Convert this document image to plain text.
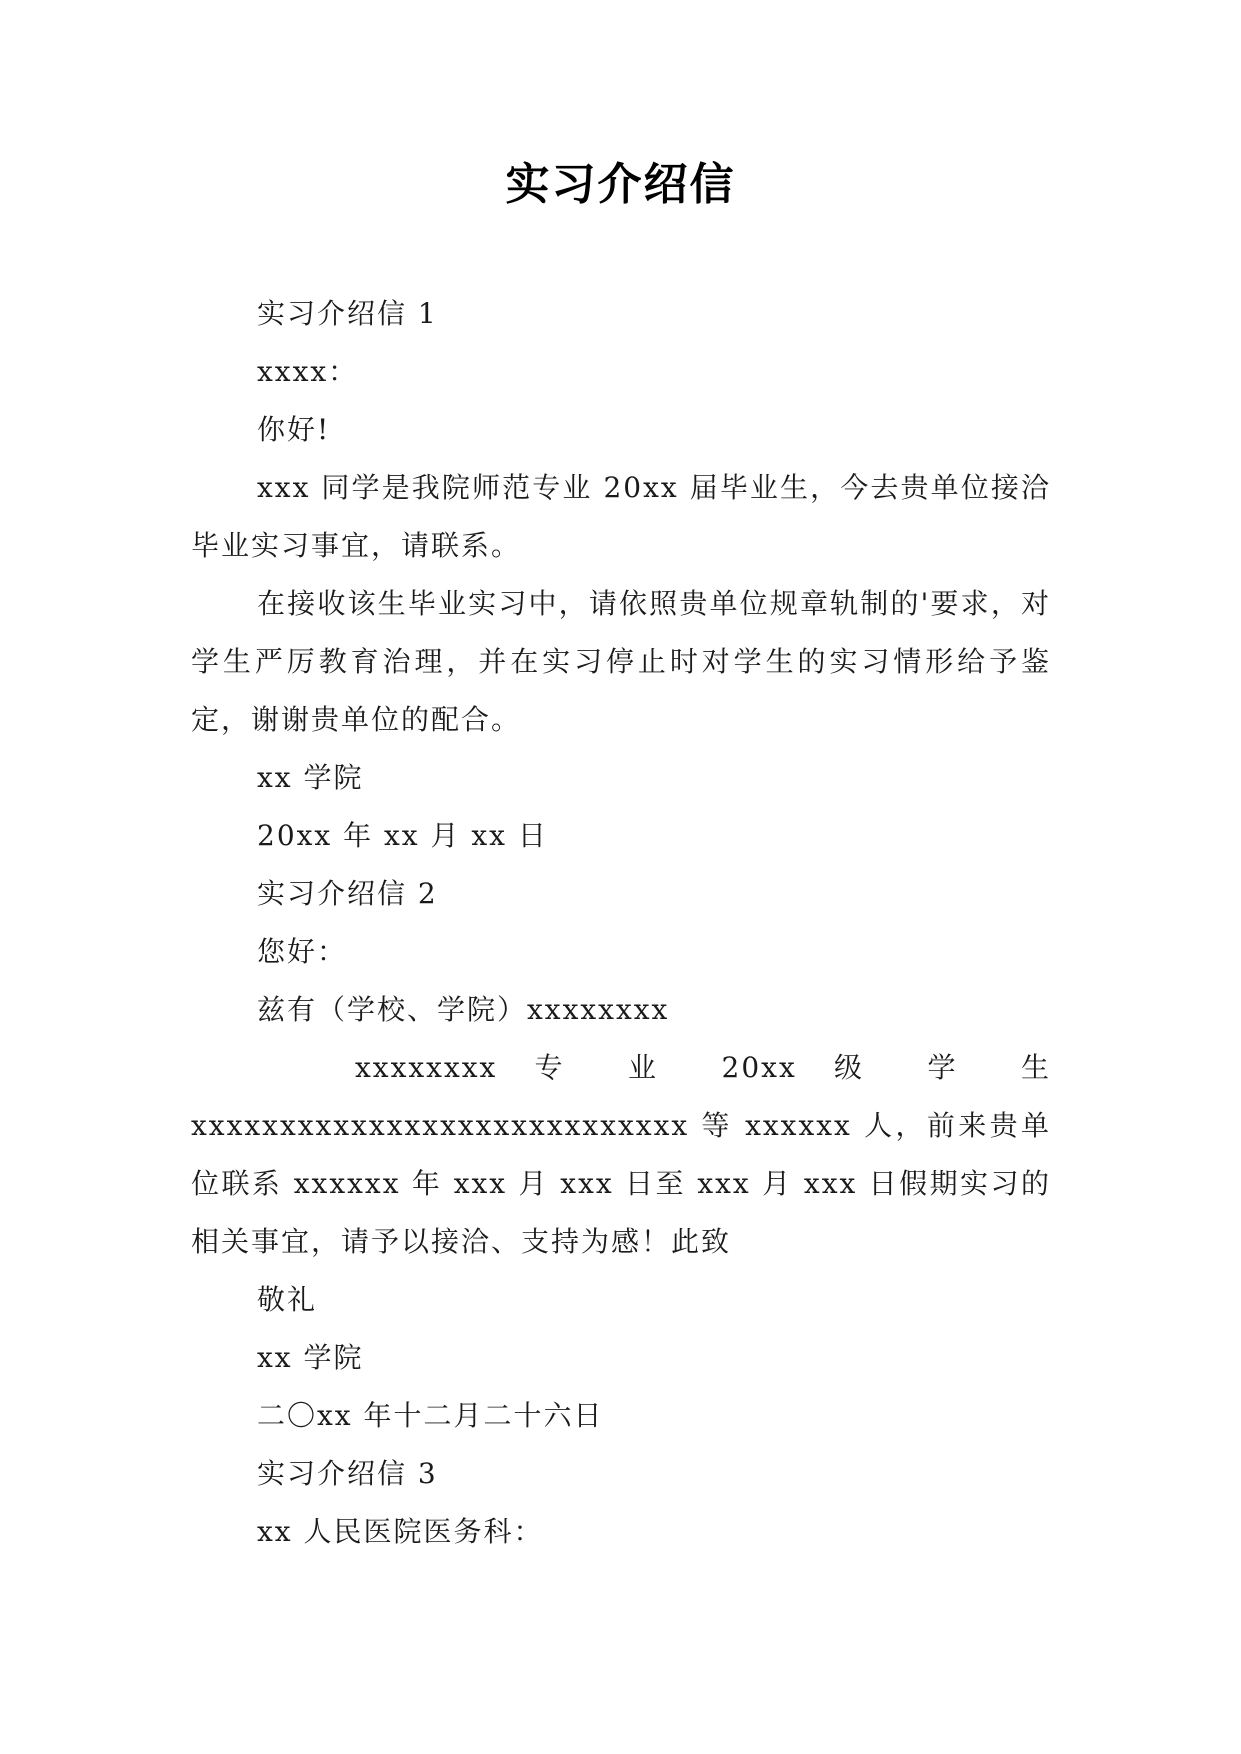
实习介绍信

实习介绍信 1

xxxx：

你好!

xxx 同学是我院师范专业 20xx 届毕业生，今去贵单位接洽毕业实习事宜，请联系。

在接收该生毕业实习中，请依照贵单位规章轨制的'要求，对学生严厉教育治理，并在实习停止时对学生的实习情形给予鉴定，谢谢贵单位的配合。

xx 学院

20xx 年 xx 月 xx 日

实习介绍信 2

您好：

兹有（学校、学院）xxxxxxxx

xxxxxxxx 专 业 20xx 级 学 生

xxxxxxxxxxxxxxxxxxxxxxxxxxxx 等 xxxxxx 人，前来贵单位联系 xxxxxx 年 xxx 月 xxx 日至 xxx 月 xxx 日假期实习的相关事宜，请予以接洽、支持为感！此致

敬礼

xx 学院

二〇xx 年十二月二十六日

实习介绍信 3

xx 人民医院医务科：
